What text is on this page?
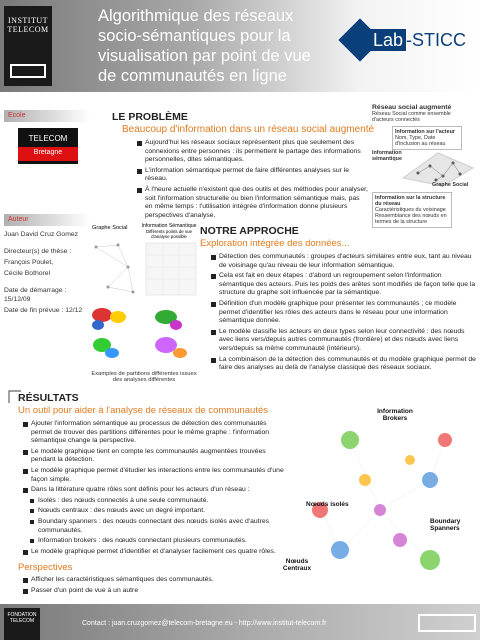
INSTITUT
TELECOM
Algorithmique des réseaux socio-sémantiques pour la visualisation par point de vue de communautés en ligne
Lab -STICC
Ecole
TELECOM
Bretagne
Auteur

Juan David Cruz Gomez

Directeur(s) de thèse :

François Poulet,

Cécile Bothorel

Date de démarrage : 15/12/09

Date de fin prévue : 12/12

LE PROBLÈME
Beaucoup d'information dans un réseau social augmenté
Aujourd'hui les réseaux sociaux représentent plus que seulement des connexions entre personnes : ils permettent le partage des informations personnelles, dites sémantiques.
L'information sémantique permet de faire différentes analyses sur le réseau.
À l'heure actuelle n'existent que des outils et des méthodes pour analyser, soit l'information structurelle ou bien l'information sémantique mais, pas en même temps : l'utilisation intégrée d'information donne plusieurs perspectives d'analyse.
Réseau social augmenté
Réseau Social comme ensemble d'acteurs connectés
Information sur l'acteur
Nom, Type, Date
d'inclusion au réseau
Information sémantique
Graphe Social
Information sur la structure du réseau
Caractéristiques du voisinage
Ressemblance des nœuds en termes de la structure
Graphe Social	Information Sémantique
Différents points de vue d'analyse possible
Examples de partitions différentes issues des analyses différentes
NOTRE APPROCHE
Exploration intégrée des données...
Détection des communautés : groupes d'acteurs similaires entre eux, tant au niveau de voisinage qu'au niveau de leur information sémantique.
Cela est fait en deux étapes : d'abord un regroupement selon l'information sémantique des acteurs. Puis les poids des arêtes sont modifiés de façon telle que la structure du graphe soit influencée par la sémantique.
Définition d'un modèle graphique pour présenter les communautés ; ce modèle permet d'identifier les rôles des acteurs dans le réseau pour une information sémantique donnée.
Le modèle classifie les acteurs en deux types selon leur connectivité : des nœuds avec liens vers/depuis autres communautés (frontière) et des nœuds avec liens vers/depuis sa même communauté (intérieurs).
La combinaison de la détection des communautés et du modèle graphique permet de faire des analyses au delà de l'analyse classique des réseaux sociaux.
RÉSULTATS
Un outil pour aider à l'analyse de réseaux de communautés
Ajouter l'information sémantique au processus de détection des communautés permet de trouver des partitions différentes pour le même graphe : l'information sémantique change la perspective.
Le modèle graphique tient en compte les communautés augmentées trouvées pendant la détection.
Le modèle graphique permet d'étudier les interactions entre les communautés d'une façon simple.
Dans la littérature quatre rôles sont définis pour les acteurs d'un réseau :
Isolés : des nœuds connectés à une seule communauté.
Nœuds centraux : des nœuds avec un degré important.
Boundary spanners : des nœuds connectant des nœuds isolés avec d'autres communautés.
Information brokers : des nœuds connectant plusieurs communautés.
Le modèle graphique permet d'identifier et d'analyser facilement ces quatre rôles.
Perspectives
Afficher les caractéristiques sémantiques des communautés.
Passer d'un point de vue à un autre
Information Brokers
Nœuds isolés
Boundary Spanners
Nœuds Centraux
FONDATION TELECOM	Contact : juan.cruzgomez@telecom-bretagne.eu - http://www.institut-telecom.fr
